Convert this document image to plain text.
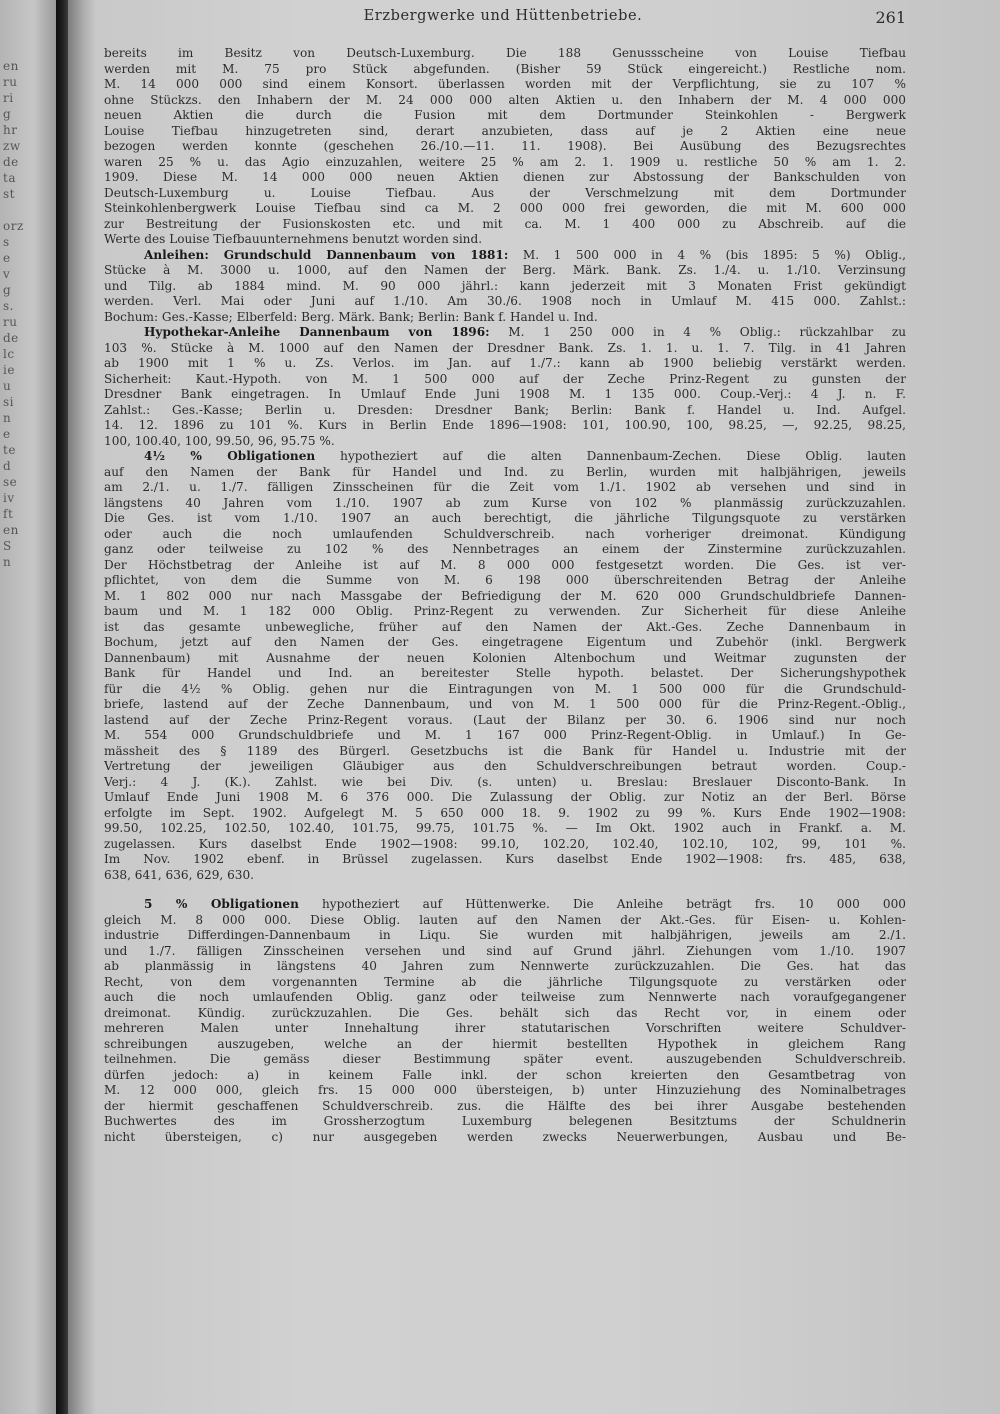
en
ru
ri
g
hr
zw
de
ta
st

orz
s
e
v
g
s.
ru
de
lc
ie
u
si
n
e
te
d
se
iv
ft
en
S
n
Erzbergwerke und Hüttenbetriebe.	261
bereits im Besitz von Deutsch-Luxemburg. Die 188 Genussscheine von Louise Tiefbau
werden mit M. 75 pro Stück abgefunden. (Bisher 59 Stück eingereicht.) Restliche nom.
M. 14 000 000 sind einem Konsort. überlassen worden mit der Verpflichtung, sie zu 107 %
ohne Stückzs. den Inhabern der M. 24 000 000 alten Aktien u. den Inhabern der M. 4 000 000
neuen Aktien die durch die Fusion mit dem Dortmunder Steinkohlen - Bergwerk
Louise Tiefbau hinzugetreten sind, derart anzubieten, dass auf je 2 Aktien eine neue
bezogen werden konnte (geschehen 26./10.—11. 11. 1908). Bei Ausübung des Bezugsrechtes
waren 25 % u. das Agio einzuzahlen, weitere 25 % am 2. 1. 1909 u. restliche 50 % am 1. 2.
1909. Diese M. 14 000 000 neuen Aktien dienen zur Abstossung der Bankschulden von
Deutsch-Luxemburg u. Louise Tiefbau. Aus der Verschmelzung mit dem Dortmunder
Steinkohlenbergwerk Louise Tiefbau sind ca M. 2 000 000 frei geworden, die mit M. 600 000
zur Bestreitung der Fusionskosten etc. und mit ca. M. 1 400 000 zu Abschreib. auf die
Werte des Louise Tiefbauunternehmens benutzt worden sind.
Anleihen: Grundschuld Dannenbaum von 1881: M. 1 500 000 in 4 % (bis 1895: 5 %) Oblig.,
Stücke à M. 3000 u. 1000, auf den Namen der Berg. Märk. Bank. Zs. 1./4. u. 1./10. Verzinsung
und Tilg. ab 1884 mind. M. 90 000 jährl.: kann jederzeit mit 3 Monaten Frist gekündigt
werden. Verl. Mai oder Juni auf 1./10. Am 30./6. 1908 noch in Umlauf M. 415 000. Zahlst.:
Bochum: Ges.-Kasse; Elberfeld: Berg. Märk. Bank; Berlin: Bank f. Handel u. Ind.
Hypothekar-Anleihe Dannenbaum von 1896: M. 1 250 000 in 4 % Oblig.: rückzahlbar zu
103 %. Stücke à M. 1000 auf den Namen der Dresdner Bank. Zs. 1. 1. u. 1. 7. Tilg. in 41 Jahren
ab 1900 mit 1 % u. Zs. Verlos. im Jan. auf 1./7.: kann ab 1900 beliebig verstärkt werden.
Sicherheit: Kaut.-Hypoth. von M. 1 500 000 auf der Zeche Prinz-Regent zu gunsten der
Dresdner Bank eingetragen. In Umlauf Ende Juni 1908 M. 1 135 000. Coup.-Verj.: 4 J. n. F.
Zahlst.: Ges.-Kasse; Berlin u. Dresden: Dresdner Bank; Berlin: Bank f. Handel u. Ind. Aufgel.
14. 12. 1896 zu 101 %. Kurs in Berlin Ende 1896—1908: 101, 100.90, 100, 98.25, —, 92.25, 98.25,
100, 100.40, 100, 99.50, 96, 95.75 %.
4½ % Obligationen hypotheziert auf die alten Dannenbaum-Zechen. Diese Oblig. lauten
auf den Namen der Bank für Handel und Ind. zu Berlin, wurden mit halbjährigen, jeweils
am 2./1. u. 1./7. fälligen Zinsscheinen für die Zeit vom 1./1. 1902 ab versehen und sind in
längstens 40 Jahren vom 1./10. 1907 ab zum Kurse von 102 % planmässig zurückzuzahlen.
Die Ges. ist vom 1./10. 1907 an auch berechtigt, die jährliche Tilgungsquote zu verstärken
oder auch die noch umlaufenden Schuldverschreib. nach vorheriger dreimonat. Kündigung
ganz oder teilweise zu 102 % des Nennbetrages an einem der Zinstermine zurückzuzahlen.
Der Höchstbetrag der Anleihe ist auf M. 8 000 000 festgesetzt worden. Die Ges. ist ver-
pflichtet, von dem die Summe von M. 6 198 000 überschreitenden Betrag der Anleihe
M. 1 802 000 nur nach Massgabe der Befriedigung der M. 620 000 Grundschuldbriefe Dannen-
baum und M. 1 182 000 Oblig. Prinz-Regent zu verwenden. Zur Sicherheit für diese Anleihe
ist das gesamte unbewegliche, früher auf den Namen der Akt.-Ges. Zeche Dannenbaum in
Bochum, jetzt auf den Namen der Ges. eingetragene Eigentum und Zubehör (inkl. Bergwerk
Dannenbaum) mit Ausnahme der neuen Kolonien Altenbochum und Weitmar zugunsten der
Bank für Handel und Ind. an bereitester Stelle hypoth. belastet. Der Sicherungshypothek
für die 4½ % Oblig. gehen nur die Eintragungen von M. 1 500 000 für die Grundschuld-
briefe, lastend auf der Zeche Dannenbaum, und von M. 1 500 000 für die Prinz-Regent.-Oblig.,
lastend auf der Zeche Prinz-Regent voraus. (Laut der Bilanz per 30. 6. 1906 sind nur noch
M. 554 000 Grundschuldbriefe und M. 1 167 000 Prinz-Regent-Oblig. in Umlauf.) In Ge-
mässheit des § 1189 des Bürgerl. Gesetzbuchs ist die Bank für Handel u. Industrie mit der
Vertretung der jeweiligen Gläubiger aus den Schuldverschreibungen betraut worden. Coup.-
Verj.: 4 J. (K.). Zahlst. wie bei Div. (s. unten) u. Breslau: Breslauer Disconto-Bank. In
Umlauf Ende Juni 1908 M. 6 376 000. Die Zulassung der Oblig. zur Notiz an der Berl. Börse
erfolgte im Sept. 1902. Aufgelegt M. 5 650 000 18. 9. 1902 zu 99 %. Kurs Ende 1902—1908:
99.50, 102.25, 102.50, 102.40, 101.75, 99.75, 101.75 %. — Im Okt. 1902 auch in Frankf. a. M.
zugelassen. Kurs daselbst Ende 1902—1908: 99.10, 102.20, 102.40, 102.10, 102, 99, 101 %.
Im Nov. 1902 ebenf. in Brüssel zugelassen. Kurs daselbst Ende 1902—1908: frs. 485, 638,
638, 641, 636, 629, 630.
5 % Obligationen hypotheziert auf Hüttenwerke. Die Anleihe beträgt frs. 10 000 000
gleich M. 8 000 000. Diese Oblig. lauten auf den Namen der Akt.-Ges. für Eisen- u. Kohlen-
industrie Differdingen-Dannenbaum in Liqu. Sie wurden mit halbjährigen, jeweils am 2./1.
und 1./7. fälligen Zinsscheinen versehen und sind auf Grund jährl. Ziehungen vom 1./10. 1907
ab planmässig in längstens 40 Jahren zum Nennwerte zurückzuzahlen. Die Ges. hat das
Recht, von dem vorgenannten Termine ab die jährliche Tilgungsquote zu verstärken oder
auch die noch umlaufenden Oblig. ganz oder teilweise zum Nennwerte nach voraufgegangener
dreimonat. Kündig. zurückzuzahlen. Die Ges. behält sich das Recht vor, in einem oder
mehreren Malen unter Innehaltung ihrer statutarischen Vorschriften weitere Schuldver-
schreibungen auszugeben, welche an der hiermit bestellten Hypothek in gleichem Rang
teilnehmen. Die gemäss dieser Bestimmung später event. auszugebenden Schuldverschreib.
dürfen jedoch: a) in keinem Falle inkl. der schon kreierten den Gesamtbetrag von
M. 12 000 000, gleich frs. 15 000 000 übersteigen, b) unter Hinzuziehung des Nominalbetrages
der hiermit geschaffenen Schuldverschreib. zus. die Hälfte des bei ihrer Ausgabe bestehenden
Buchwertes des im Grossherzogtum Luxemburg belegenen Besitztums der Schuldnerin
nicht übersteigen, c) nur ausgegeben werden zwecks Neuerwerbungen, Ausbau und Be-
